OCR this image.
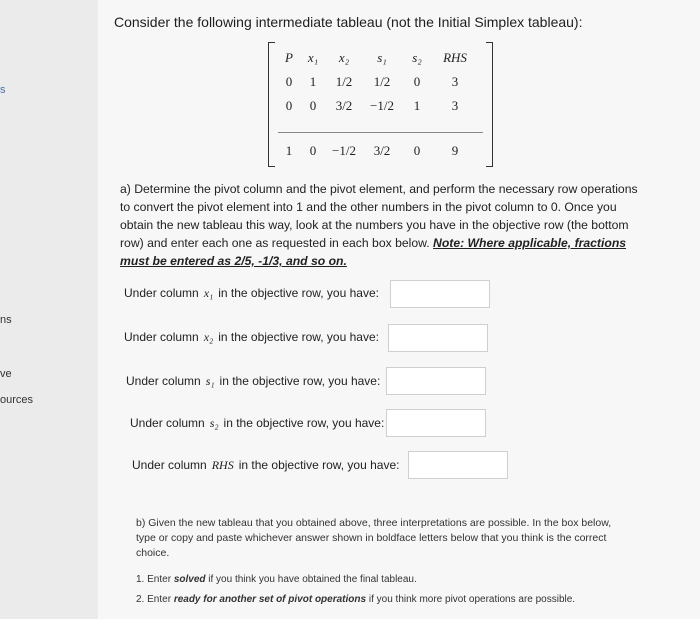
s
ns
ve
ources
Consider the following intermediate tableau (not the Initial Simplex tableau):
P	x₁	x₂	s₁	s₂	RHS
0	1	1/2	1/2	0	3
0	0	3/2	−1/2	1	3
1	0	−1/2	3/2	0	9
a) Determine the pivot column and the pivot element, and perform the necessary row operations to convert the pivot element into 1 and the other numbers in the pivot column to 0. Once you obtain the new tableau this way, look at the numbers you have in the objective row (the bottom row) and enter each one as requested in each box below. Note: Where applicable, fractions must be entered as 2/5, -1/3, and so on.
Under column x₁ in the objective row, you have:
Under column x₂ in the objective row, you have:
Under column s₁ in the objective row, you have:
Under column s₂ in the objective row, you have:
Under column RHS in the objective row, you have:
b) Given the new tableau that you obtained above, three interpretations are possible. In the box below, type or copy and paste whichever answer shown in boldface letters below that you think is the correct choice.
1. Enter solved if you think you have obtained the final tableau.
2. Enter ready for another set of pivot operations if you think more pivot operations are possible.
